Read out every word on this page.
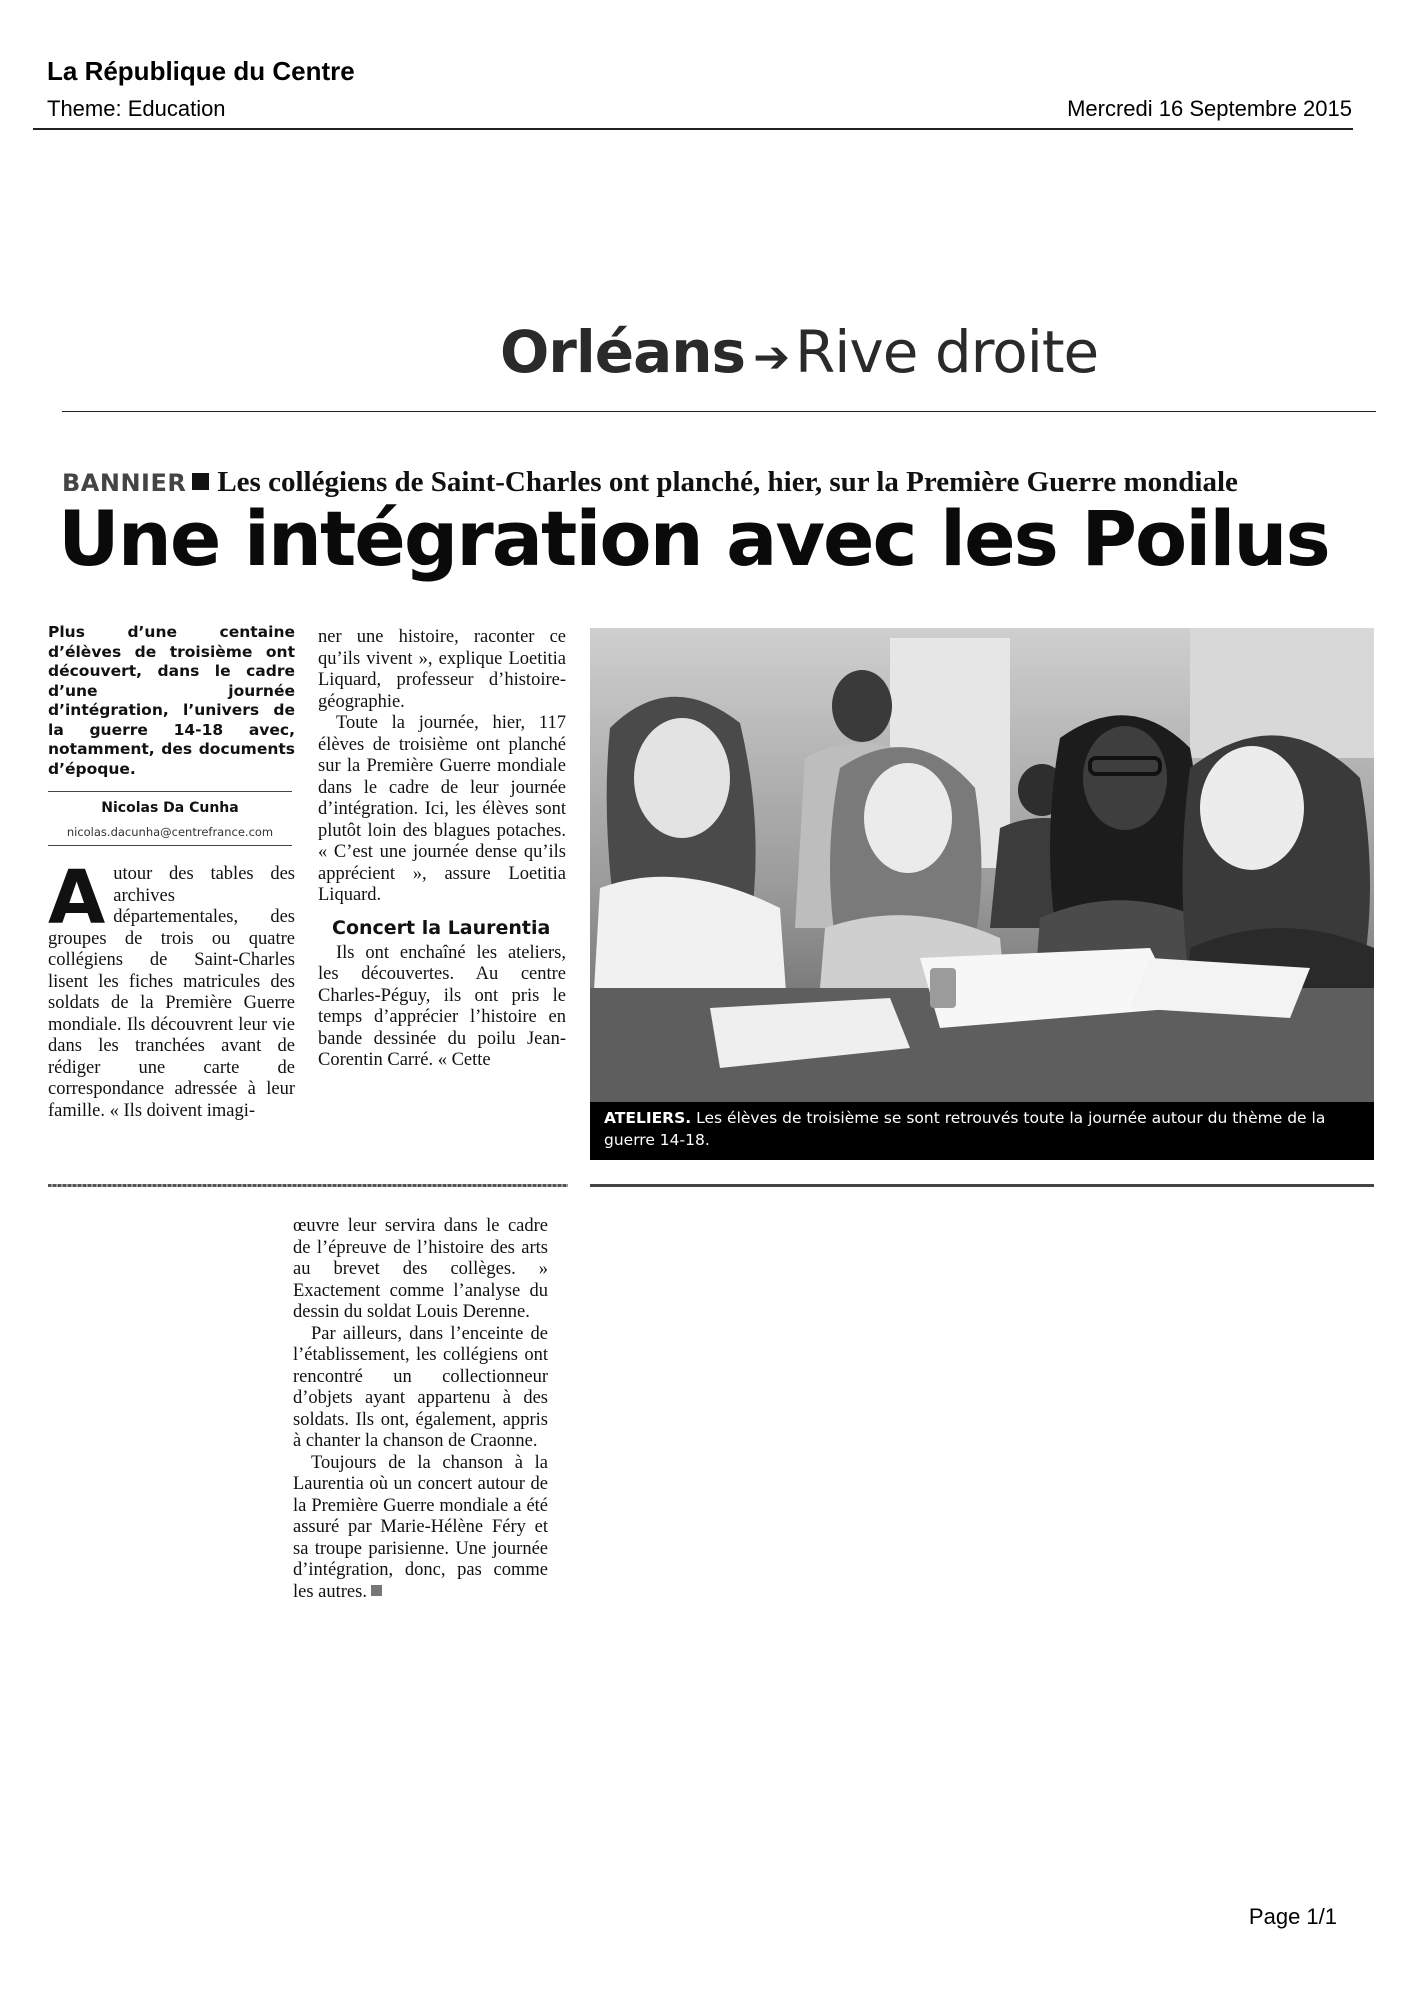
La République du Centre
Theme: Education	Mercredi 16 Septembre 2015
Orléans ➔ Rive droite
BANNIER Les collégiens de Saint-Charles ont planché, hier, sur la Première Guerre mondiale
Une intégration avec les Poilus
Plus d’une centaine d’élèves de troisième ont découvert, dans le cadre d’une journée d’intégration, l’univers de la guerre 14-18 avec, notamment, des documents d’époque.
Nicolas Da Cunha
nicolas.dacunha@centrefrance.com

Autour des tables des archives départementales, des groupes de trois ou quatre collégiens de Saint-Charles lisent les fiches matricules des soldats de la Première Guerre mondiale. Ils découvrent leur vie dans les tranchées avant de rédiger une carte de correspondance adressée à leur famille. « Ils doivent imagi-

ner une histoire, raconter ce qu’ils vivent », explique Loetitia Liquard, professeur d’histoire-géographie.

Toute la journée, hier, 117 élèves de troisième ont planché sur la Première Guerre mondiale dans le cadre de leur journée d’intégration. Ici, les élèves sont plutôt loin des blagues potaches. « C’est une journée dense qu’ils apprécient », assure Loetitia Liquard.

Concert la Laurentia

Ils ont enchaîné les ateliers, les découvertes. Au centre Charles-Péguy, ils ont pris le temps d’apprécier l’histoire en bande dessinée du poilu Jean-Corentin Carré. « Cette

ATELIERS. Les élèves de troisième se sont retrouvés toute la journée autour du thème de la guerre 14-18.

œuvre leur servira dans le cadre de l’épreuve de l’histoire des arts au brevet des collèges. » Exactement comme l’analyse du dessin du soldat Louis Derenne.

Par ailleurs, dans l’enceinte de l’établissement, les collégiens ont rencontré un collectionneur d’objets ayant appartenu à des soldats. Ils ont, également, appris à chanter la chanson de Craonne.

Toujours de la chanson à la Laurentia où un concert autour de la Première Guerre mondiale a été assuré par Marie-Hélène Féry et sa troupe parisienne. Une journée d’intégration, donc, pas comme les autres.

Page 1/1
